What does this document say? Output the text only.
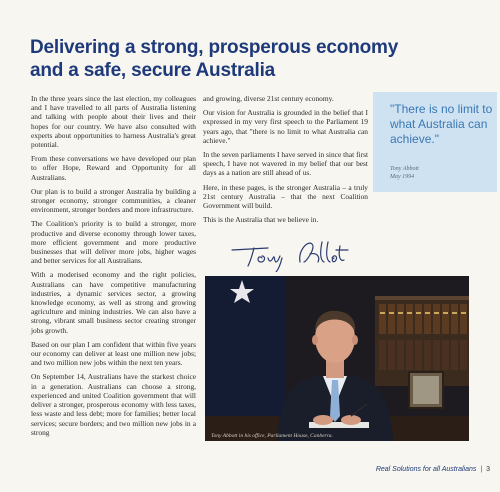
Delivering a strong, prosperous economy
and a safe, secure Australia

In the three years since the last election, my colleagues and I have travelled to all parts of Australia listening and talking with people about their lives and their hopes for our country. We have also consulted with experts about opportunities to harness Australia's great potential.

From these conversations we have developed our plan to offer Hope, Reward and Opportunity for all Australians.

Our plan is to build a stronger Australia by building a stronger economy, stronger communities, a cleaner environment, stronger borders and more infrastructure.

The Coalition's priority is to build a stronger, more productive and diverse economy through lower taxes, more efficient government and more productive businesses that will deliver more jobs, higher wages and better services for all Australians.

With a moderised economy and the right policies, Australians can have competitive manufacturing industries, a dynamic services sector, a growing knowledge economy, as well as strong and growing agriculture and mining industries. We can also have a strong, vibrant small business sector creating stronger jobs growth.

Based on our plan I am confident that within five years our economy can deliver at least one million new jobs; and two million new jobs within the next ten years.

On September 14, Australians have the starkest choice in a generation. Australians can choose a strong, experienced and united Coalition government that will deliver a stronger, prosperous economy with less taxes, less waste and less debt; more for families; better local services; secure borders; and two million new jobs in a strong

and growing, diverse 21st century economy.

Our vision for Australia is grounded in the belief that I expressed in my very first speech to the Parliament 19 years ago, that "there is no limit to what Australia can achieve."

In the seven parliaments I have served in since that first speech, I have not wavered in my belief that our best days as a nation are still ahead of us.

Here, in these pages, is the stronger Australia – a truly 21st century Australia – that the next Coalition Government will build.

This is the Australia that we believe in.

"There is no limit to what Australia can achieve."
Tony Abbott
May 1994
Tony Abbott in his office, Parliament House, Canberra.
Real Solutions for all Australians | 3
